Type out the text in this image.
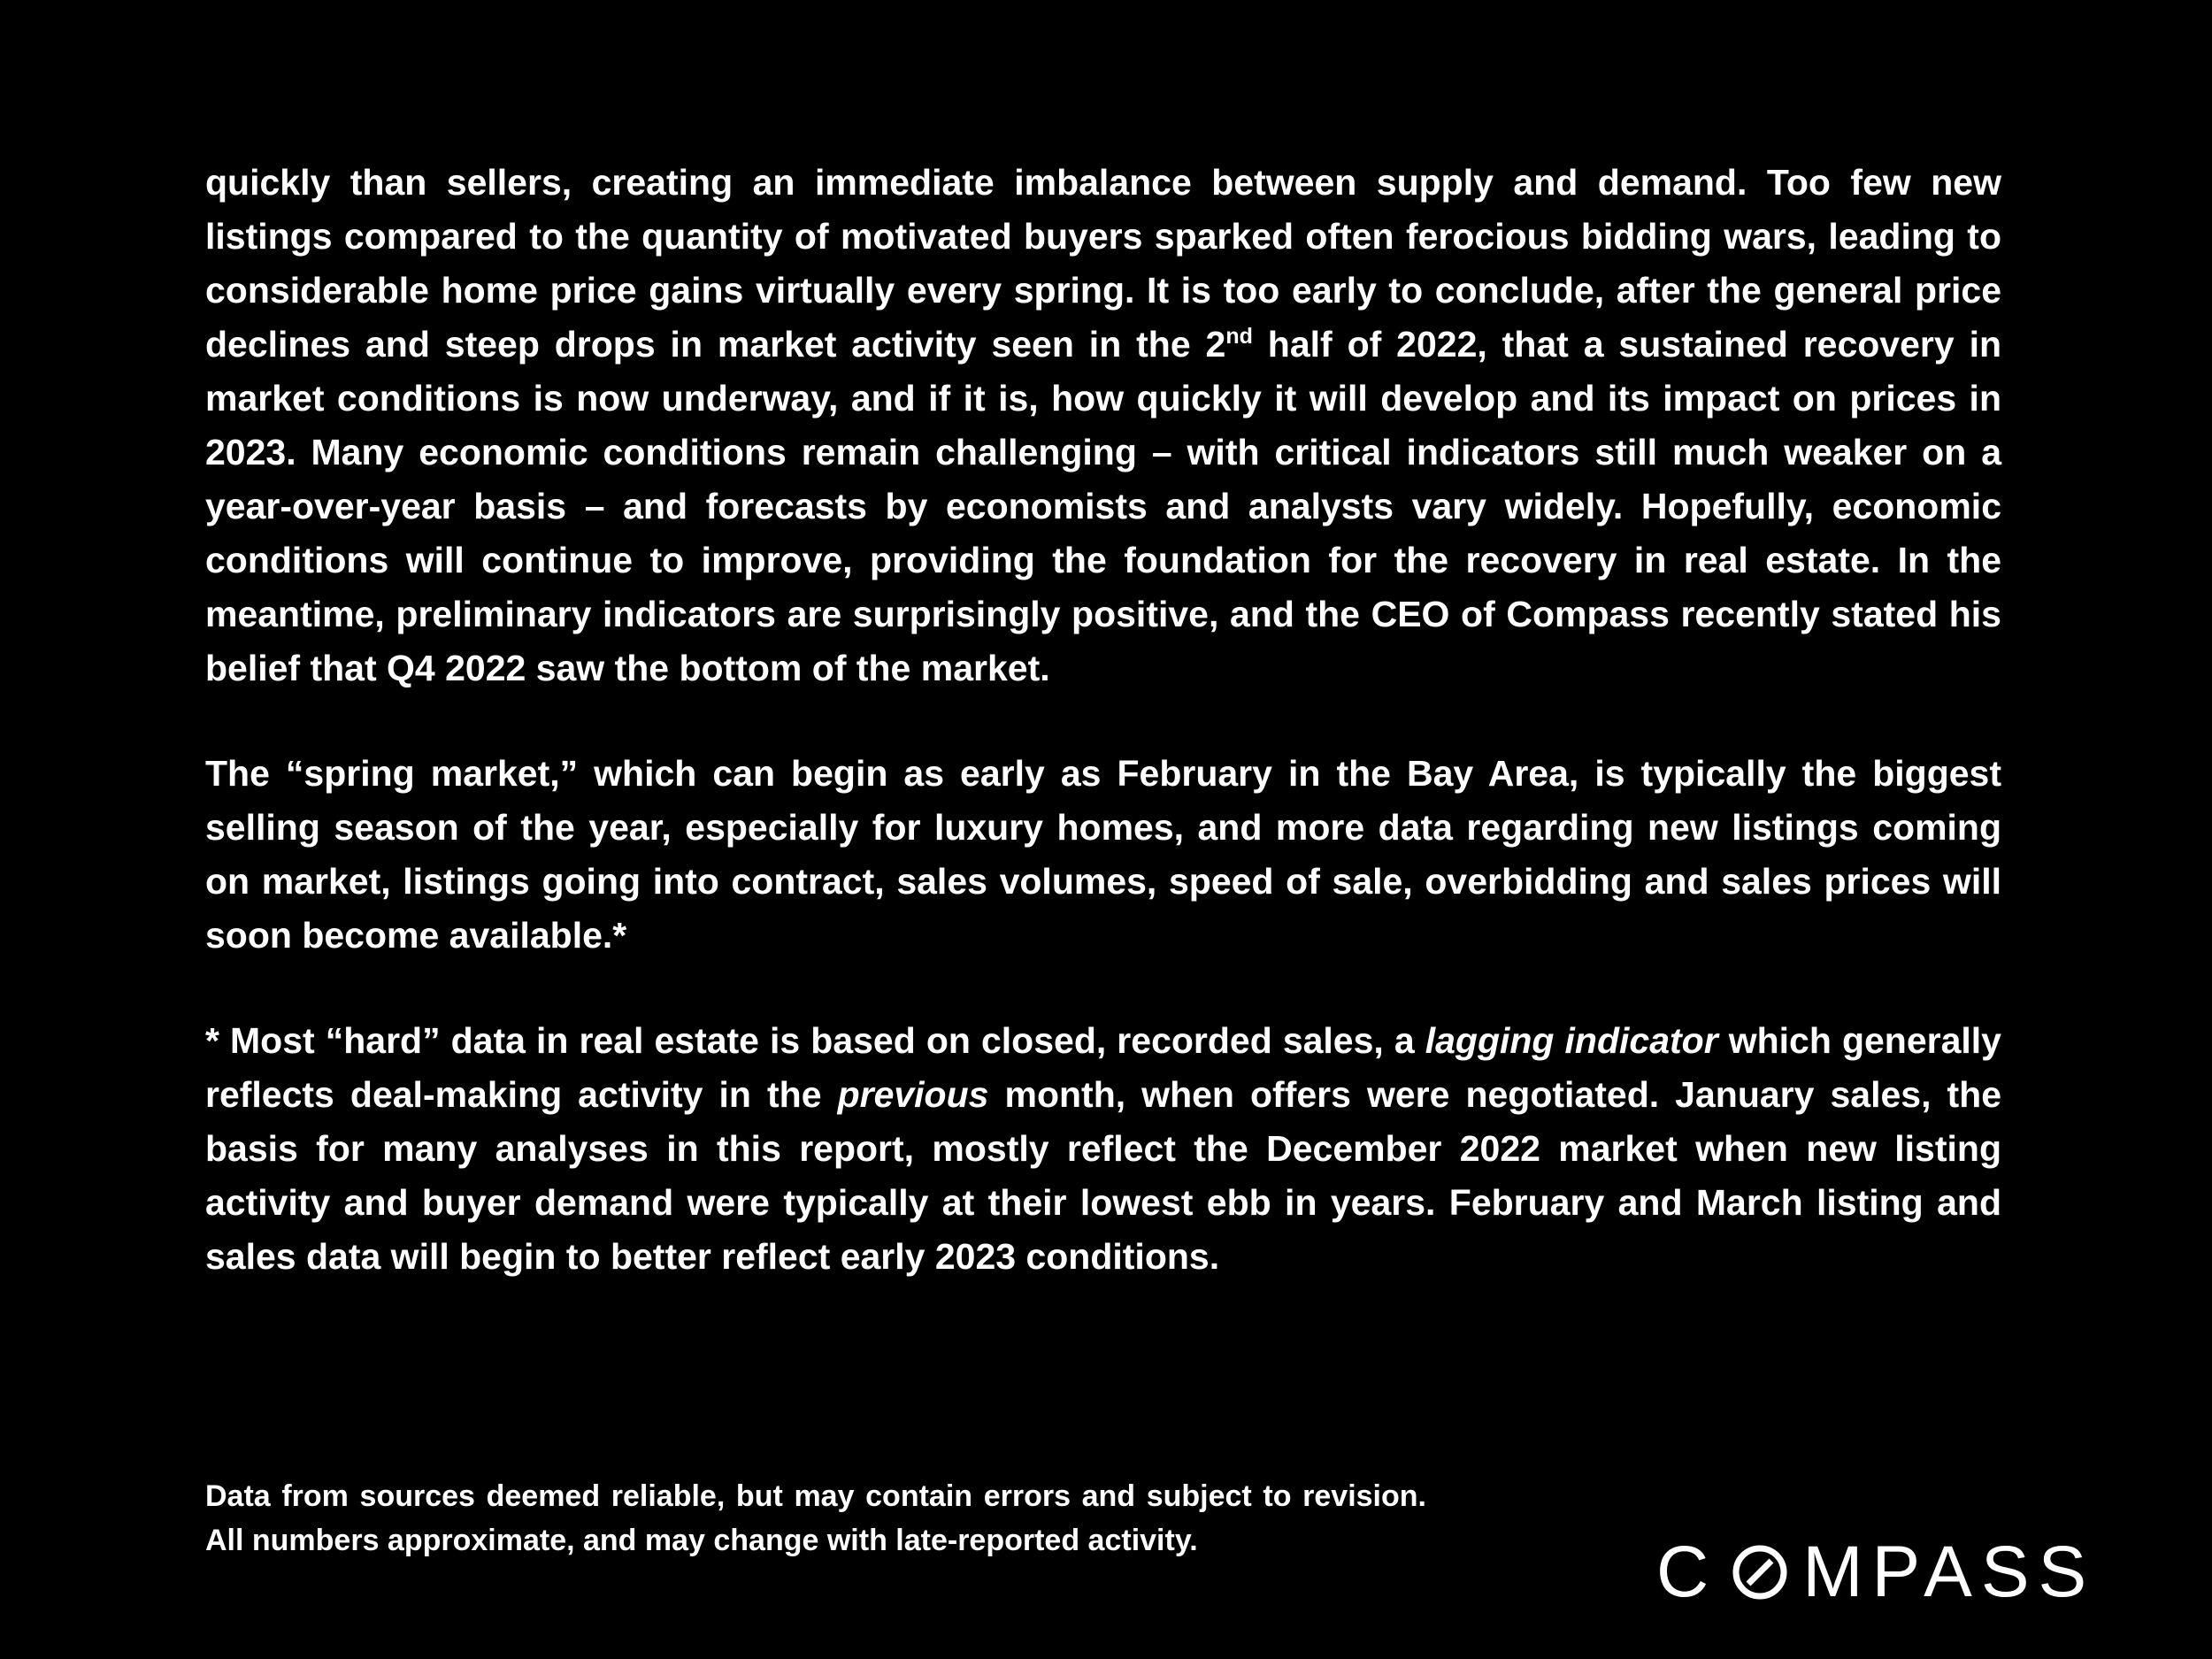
quickly than sellers, creating an immediate imbalance between supply and demand. Too few new listings compared to the quantity of motivated buyers sparked often ferocious bidding wars, leading to considerable home price gains virtually every spring. It is too early to conclude, after the general price declines and steep drops in market activity seen in the 2nd half of 2022, that a sustained recovery in market conditions is now underway, and if it is, how quickly it will develop and its impact on prices in 2023. Many economic conditions remain challenging – with critical indicators still much weaker on a year-over-year basis – and forecasts by economists and analysts vary widely. Hopefully, economic conditions will continue to improve, providing the foundation for the recovery in real estate. In the meantime, preliminary indicators are surprisingly positive, and the CEO of Compass recently stated his belief that Q4 2022 saw the bottom of the market.

The “spring market,” which can begin as early as February in the Bay Area, is typically the biggest selling season of the year, especially for luxury homes, and more data regarding new listings coming on market, listings going into contract, sales volumes, speed of sale, overbidding and sales prices will soon become available.*

* Most “hard” data in real estate is based on closed, recorded sales, a lagging indicator which generally reflects deal-making activity in the previous month, when offers were negotiated. January sales, the basis for many analyses in this report, mostly reflect the December 2022 market when new listing activity and buyer demand were typically at their lowest ebb in years. February and March listing and sales data will begin to better reflect early 2023 conditions.

Data from sources deemed reliable, but may contain errors and subject to revision. All numbers approximate, and may change with late-reported activity.	C MPASS
